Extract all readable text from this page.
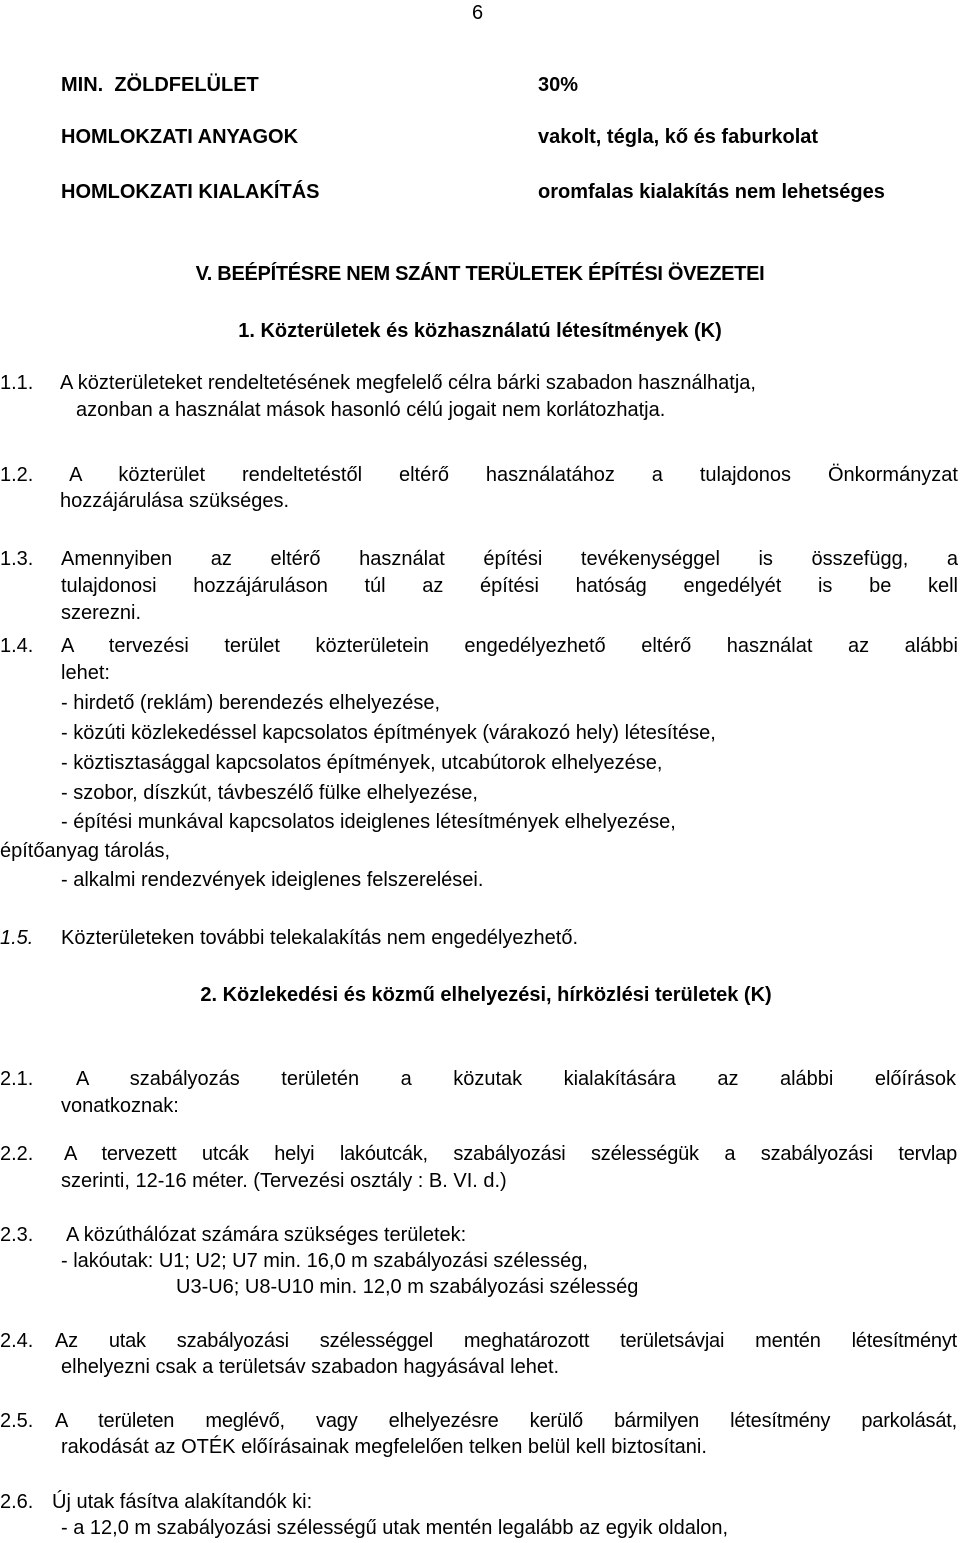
6
MIN.  ZÖLDFELÜLET	30%
HOMLOKZATI ANYAGOK	vakolt, tégla, kő és faburkolat
HOMLOKZATI KIALAKÍTÁS	oromfalas kialakítás nem lehetséges
V. BEÉPÍTÉSRE NEM SZÁNT TERÜLETEK ÉPÍTÉSI ÖVEZETEI
1. Közterületek és közhasználatú létesítmények (K)
1.1. A közterületeket rendeltetésének megfelelő célra bárki szabadon használhatja,
azonban a használat mások hasonló célú jogait nem korlátozhatja.
1.2. A közterület rendeltetéstől eltérő használatához a tulajdonos Önkormányzat
hozzájárulása szükséges.
1.3. Amennyiben az eltérő használat építési tevékenységgel is összefügg, a
tulajdonosi hozzájáruláson túl az építési hatóság engedélyét is be kell
szerezni.
1.4. A tervezési terület közterületein engedélyezhető eltérő használat az alábbi
lehet:
- hirdető (reklám) berendezés elhelyezése,
- közúti közlekedéssel kapcsolatos építmények (várakozó hely) létesítése,
- köztisztasággal kapcsolatos építmények, utcabútorok elhelyezése,
- szobor, díszkút, távbeszélő fülke elhelyezése,
- építési munkával kapcsolatos ideiglenes létesítmények elhelyezése,
építőanyag tárolás,
- alkalmi rendezvények ideiglenes felszerelései.
1.5. Közterületeken további telekalakítás nem engedélyezhető.
2. Közlekedési és közmű elhelyezési, hírközlési területek (K)
2.1. A szabályozás területén a közutak kialakítására az alábbi előírások
vonatkoznak:
2.2. A tervezett utcák helyi lakóutcák, szabályozási szélességük a szabályozási tervlap
szerinti, 12-16 méter. (Tervezési osztály : B. VI. d.)
2.3. A közúthálózat számára szükséges területek:
- lakóutak: U1; U2; U7 min. 16,0 m szabályozási szélesség,
U3-U6; U8-U10 min. 12,0 m szabályozási szélesség
2.4. Az utak szabályozási szélességgel meghatározott területsávjai mentén létesítményt
elhelyezni csak a területsáv szabadon hagyásával lehet.
2.5. A területen meglévő, vagy elhelyezésre kerülő bármilyen létesítmény parkolását,
rakodását az OTÉK előírásainak megfelelően telken belül kell biztosítani.
2.6. Új utak fásítva alakítandók ki:
- a 12,0 m szabályozási szélességű utak mentén legalább az egyik oldalon,
